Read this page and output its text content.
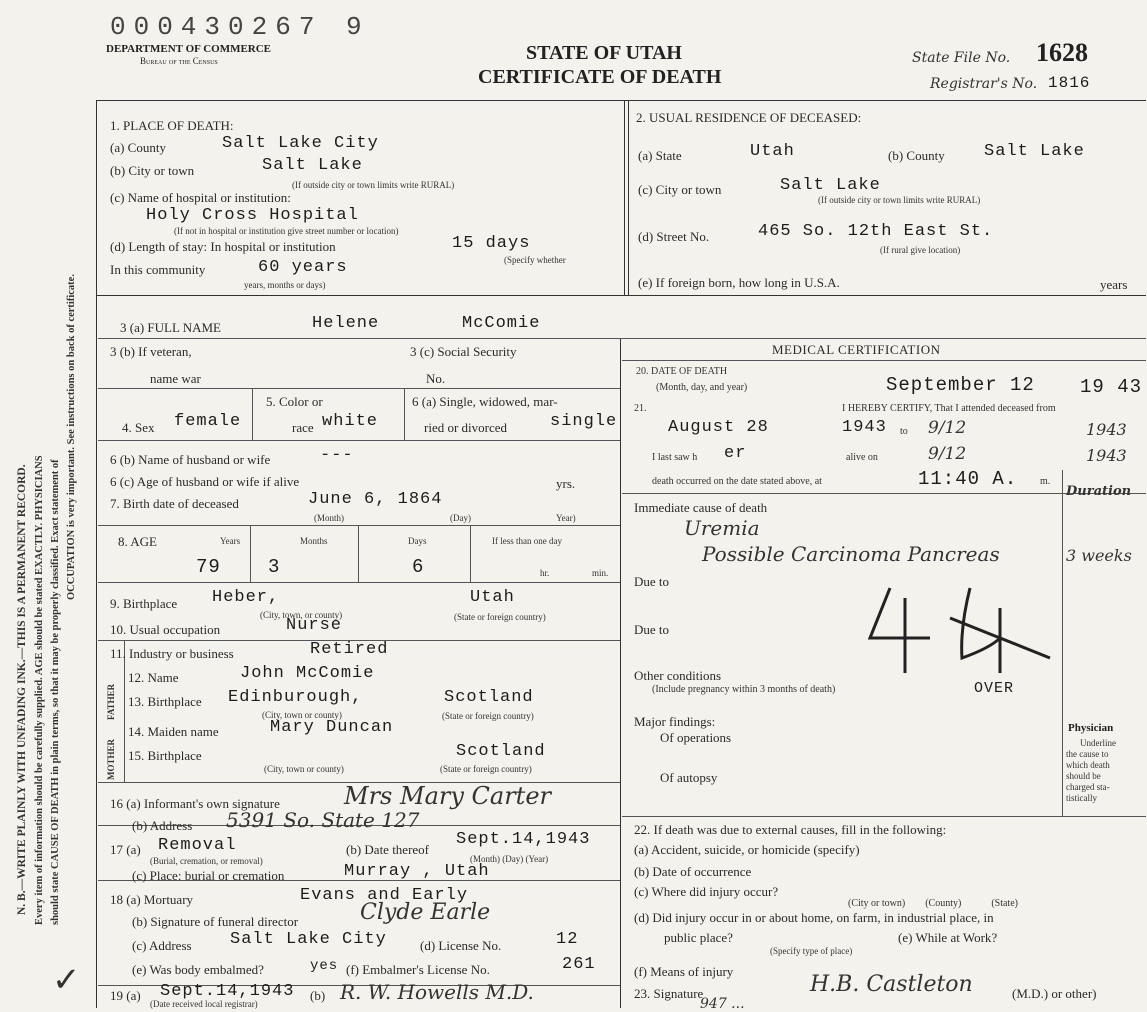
N. B.—WRITE PLAINLY WITH UNFADING INK.—THIS IS A PERMANENT RECORD. Every item of information should be carefully supplied. AGE should be stated EXACTLY. PHYSICIANS should state CAUSE OF DEATH in plain terms, so that it may be properly classified. Exact statement of
OCCUPATION is very important. See instructions on back of certificate.
✓
000430267 9
DEPARTMENT OF COMMERCE
Bureau of the Census	STATE OF UTAH
CERTIFICATE OF DEATH
State File No. 1628
Registrar's No. 1816
1. PLACE OF DEATH:
(a) County	Salt Lake City
(b) City or town	Salt Lake
(If outside city or town limits write RURAL)
(c) Name of hospital or institution:
Holy Cross Hospital
(If not in hospital or institution give street number or location)
(d) Length of stay: In hospital or institution	15 days
(Specify whether
In this community	60 years
years, months or days)
2. USUAL RESIDENCE OF DECEASED:
(a) State	Utah	(b) County Salt Lake
(c) City or town	Salt Lake
(If outside city or town limits write RURAL)
(d) Street No.	465 So. 12th East St.
(If rural give location)
(e) If foreign born, how long in U.S.A.	years
3 (a) FULL NAME	Helene	McComie
3 (b) If veteran,
name war
3 (c) Social Security
No.
4. Sex female
5. Color or
race white
6 (a) Single, widowed, mar-
ried or divorced	single
6 (b) Name of husband or wife	---
6 (c) Age of husband or wife if alive	yrs.
7. Birth date of deceased	June 6, 1864
(Month)	(Day)	Year)
8. AGE	Years	Months	Days	If less than one day
79 3	6	hr.	min.
9. Birthplace Heber,	Utah
(City, town, or county)	(State or foreign country)
10. Usual occupation	Nurse
11. Industry or business	Retired
FATHER
MOTHER
12. Name	John McComie
13. Birthplace Edinburough,	Scotland
(City, town or county)	(State or foreign country)
14. Maiden name	Mary Duncan
15. Birthplace	Scotland
(City, town or county)	(State or foreign country)
16 (a) Informant's own signature	Mrs Mary Carter
(b) Address 5391 So. State 127
17 (a) Removal
(Burial, cremation, or removal)
(b) Date thereof
Sept.14,1943
(Month) (Day) (Year)
(c) Place: burial or cremation	Murray , Utah
18 (a) Mortuary	Evans and Early
(b) Signature of funeral director	Clyde Earle
(c) Address Salt Lake City	(d) License No.	12
(e) Was body embalmed?	yes (f) Embalmer's License No.	261
19 (a) Sept.14,1943
(Date received local registrar)
(b) R. W. Howells M.D.
MEDICAL CERTIFICATION
20. DATE OF DEATH
(Month, day, and year)	September 12 19 43
21.	I HEREBY CERTIFY, That I attended deceased from
August 28	1943 to 9/12	1943
I last saw h er	alive on	9/12	1943
death occurred on the date stated above, at	11:40 A. m.
Duration
Immediate cause of death
Uremia
Possible Carcinoma Pancreas	3 weeks
Due to
Due to
Other conditions
(Include pregnancy within 3 months of death)	OVER
Major findings:
Of operations
Of autopsy
Physician
Underline
the cause to
which death
should be
charged sta-
tistically
22. If death was due to external causes, fill in the following:
(a) Accident, suicide, or homicide (specify)
(b) Date of occurrence
(c) Where did injury occur?
(City or town)        (County)            (State)
(d) Did injury occur in or about home, on farm, in industrial place, in
public place?	(e) While at Work?
(Specify type of place)
(f) Means of injury
23. Signature	H.B. Castleton	(M.D.) or other)
947 ...
